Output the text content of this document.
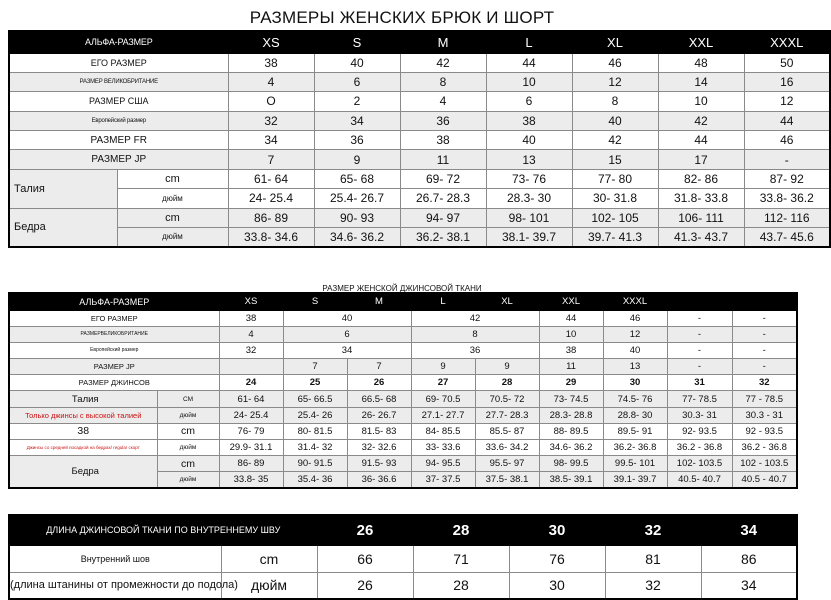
РАЗМЕРЫ ЖЕНСКИХ БРЮК И ШОРТ
АЛЬФА-РАЗМЕР		XS	S	M	L	XL	XXL	XXXL
ЕГО РАЗМЕР		38	40	42	44	46	48	50
РАЗМЕР ВЕЛИКОБРИТАНИЕ		4	6	8	10	12	14	16
РАЗМЕР США		O	2	4	6	8	10	12
Европейский размер		32	34	36	38	40	42	44
РАЗМЕР FR		34	36	38	40	42	44	46
РАЗМЕР JP		7	9	11	13	15	17	-
Талия	cm	61- 64	65- 68	69- 72	73- 76	77- 80	82- 86	87- 92
	дюйм	24- 25.4	25.4- 26.7	26.7- 28.3	28.3- 30	30- 31.8	31.8- 33.8	33.8- 36.2
Бедра	cm	86- 89	90- 93	94- 97	98- 101	102- 105	106- 111	112- 116
	дюйм	33.8- 34.6	34.6- 36.2	36.2- 38.1	38.1- 39.7	39.7- 41.3	41.3- 43.7	43.7- 45.6
РАЗМЕР ЖЕНСКОЙ ДЖИНСОВОЙ ТКАНИ
АЛЬФА-РАЗМЕР		XS	S	M	L	XL	XXL	XXXL		
ЕГО РАЗМЕР		38	40		42		44	46	-	-
РАЗМЕРВЕЛИКОБРИТАНИЕ		4	6		8		10	12	-	-
Европейский размер		32	34		36		38	40	-	-
РАЗМЕР JP			7	7	9	9	11	13	-	-
РАЗМЕР ДЖИНСОВ		24	25	26	27	28	29	30	31	32
Талия	СМ	61- 64	65- 66.5	66.5- 68	69- 70.5	70.5- 72	73- 74.5	74.5- 76	77- 78.5	77 - 78.5
Только джинсы с высокой талией	дюйм	24- 25.4	25.4- 26	26- 26.7	27.1- 27.7	27.7- 28.3	28.3- 28.8	28.8- 30	30.3- 31	30.3 - 31
38	cm	76- 79	80- 81.5	81.5- 83	84- 85.5	85.5- 87	88- 89.5	89.5- 91	92- 93.5	92 - 93.5
Джинсы со средней посадкой на бедрах/ regular скорт	дюйм	29.9- 31.1	31.4- 32	32- 32.6	33- 33.6	33.6- 34.2	34.6- 36.2	36.2- 36.8	36.2 - 36.8	36.2 - 36.8
Бедра	cm	86- 89	90- 91.5	91.5- 93	94- 95.5	95.5- 97	98- 99.5	99.5- 101	102- 103.5	102 - 103.5
	дюйм	33.8- 35	35.4- 36	36- 36.6	37- 37.5	37.5- 38.1	38.5- 39.1	39.1- 39.7	40.5- 40.7	40.5 - 40.7
ДЛИНА ДЖИНСОВОЙ ТКАНИ ПО ВНУТРЕННЕМУ ШВУ		26	28	30	32	34
Внутренний шов	cm	66	71	76	81	86
(длина штанины от промежности до подола)	дюйм	26	28	30	32	34
